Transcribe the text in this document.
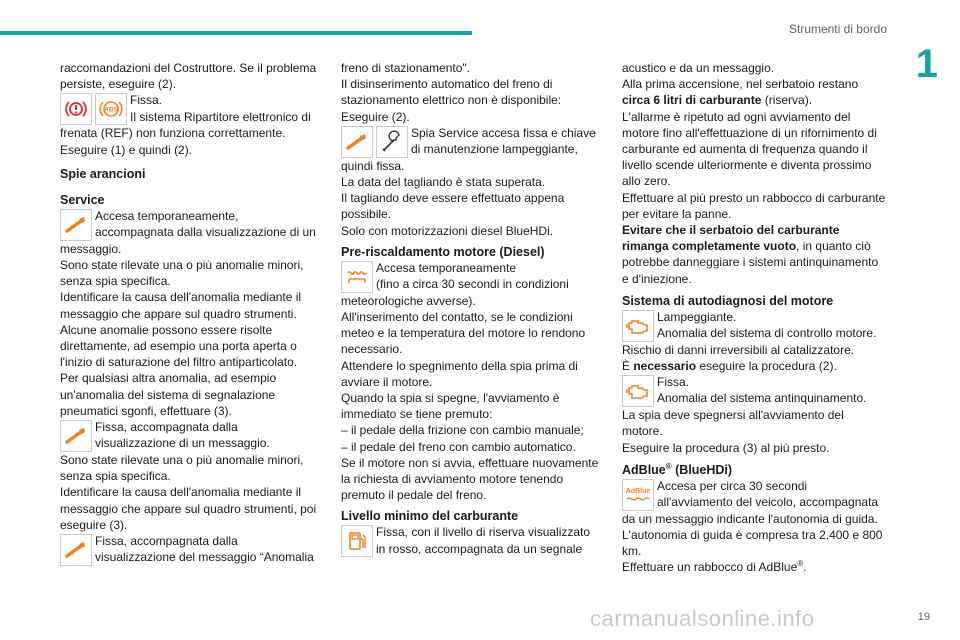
Strumenti di bordo
1
19
carmanualsonline.info

raccomandazioni del Costruttore. Se il problema persiste, eseguire (2).

ABS

Fissa.

Il sistema Ripartitore elettronico di

frenata (REF) non funziona correttamente.

Eseguire (1) e quindi (2).

Spie arancioni

Service

Accesa temporaneamente,

accompagnata dalla visualizzazione di un

messaggio.

Sono state rilevate una o più anomalie minori, senza spia specifica.

Identificare la causa dell'anomalia mediante il messaggio che appare sul quadro strumenti.

Alcune anomalie possono essere risolte direttamente, ad esempio una porta aperta o l'inizio di saturazione del filtro antiparticolato.

Per qualsiasi altra anomalia, ad esempio un'anomalia del sistema di segnalazione pneumatici sgonfi, effettuare (3).

Fissa, accompagnata dalla

visualizzazione di un messaggio.

Sono state rilevate una o più anomalie minori, senza spia specifica.

Identificare la causa dell'anomalia mediante il messaggio che appare sul quadro strumenti, poi eseguire (3).

Fissa, accompagnata dalla

visualizzazione del messaggio “Anomalia

freno di stazionamento".

Il disinserimento automatico del freno di stazionamento elettrico non è disponibile:

Eseguire (2).

Spia Service accesa fissa e chiave

di manutenzione lampeggiante,

quindi fissa.

La data del tagliando è stata superata.

Il tagliando deve essere effettuato appena possibile.

Solo con motorizzazioni diesel BlueHDi.

Pre-riscaldamento motore (Diesel)

Accesa temporaneamente

(fino a circa 30 secondi in condizioni

meteorologiche avverse).

All'inserimento del contatto, se le condizioni meteo e la temperatura del motore lo rendono necessario.

Attendere lo spegnimento della spia prima di avviare il motore.

Quando la spia si spegne, l'avviamento è immediato se tiene premuto:

– il pedale della frizione con cambio manuale;

– il pedale del freno con cambio automatico.

Se il motore non si avvia, effettuare nuovamente la richiesta di avviamento motore tenendo premuto il pedale del freno.

Livello minimo del carburante

Fissa, con il livello di riserva visualizzato

in rosso, accompagnata da un segnale

acustico e da un messaggio.

Alla prima accensione, nel serbatoio restano circa 6 litri di carburante (riserva).

L'allarme è ripetuto ad ogni avviamento del motore fino all'effettuazione di un rifornimento di carburante ed aumenta di frequenza quando il livello scende ulteriormente e diventa prossimo allo zero.

Effettuare al più presto un rabbocco di carburante per evitare la panne.

Evitare che il serbatoio del carburante rimanga completamente vuoto, in quanto ciò potrebbe danneggiare i sistemi antinquinamento e d'iniezione.

Sistema di autodiagnosi del motore

Lampeggiante.

Anomalia del sistema di controllo motore.

Rischio di danni irreversibili al catalizzatore.

È necessario eseguire la procedura (2).

Fissa.

Anomalia del sistema antinquinamento.

La spia deve spegnersi all'avviamento del motore.

Eseguire la procedura (3) al più presto.

AdBlue® (BlueHDi)

AdBlue Accesa per circa 30 secondi

all'avviamento del veicolo, accompagnata

da un messaggio indicante l'autonomia di guida.

L'autonomia di guida è compresa tra 2.400 e 800 km.

Effettuare un rabbocco di AdBlue®.
